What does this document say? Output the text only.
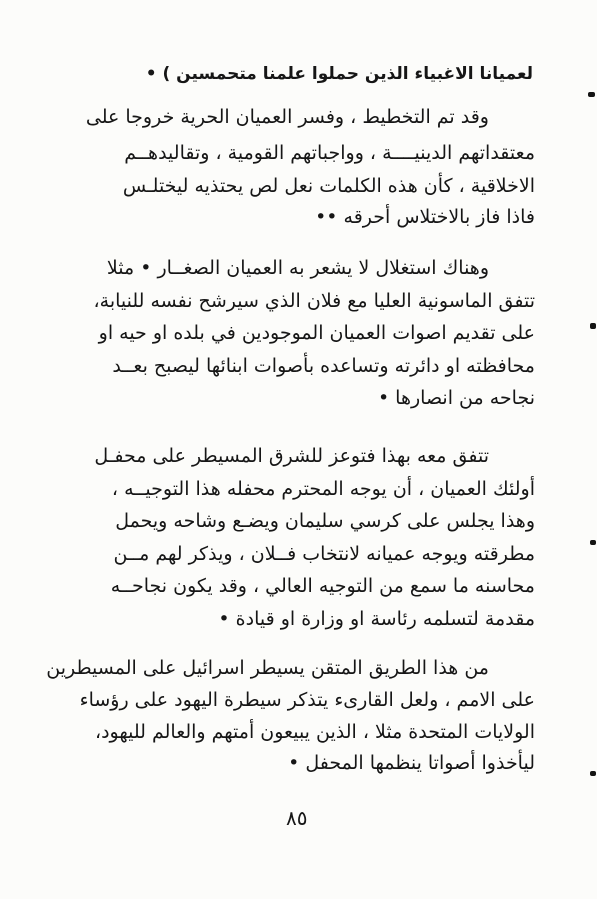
لعميانا الاغبياء الذين حملوا علمنا متحمسين ) •
وقد تم التخطيط ، وفسر العميان الحرية خروجا على
معتقداتهم الدينيــــة ، وواجباتهم القومية ، وتقاليدهــم
الاخلاقية ، كأن هذه الكلمات نعل لص يحتذيه ليختلـس
فاذا فاز بالاختلاس أحرقه ••
وهناك استغلال لا يشعر به العميان الصغــار • مثلا
تتفق الماسونية العليا مع فلان الذي سيرشح نفسه للنيابة،
على تقديم اصوات العميان الموجودين في بلده او حيه او
محافظته او دائرته وتساعده بأصوات ابنائها ليصبح بعــد
نجاحه من انصارها •
تتفق معه بهذا فتوعز للشرق المسيطر على محفـل
أولئك العميان ، أن يوجه المحترم محفله هذا التوجيــه ،
وهذا يجلس على كرسي سليمان ويضـع وشاحه ويحمل
مطرقته ويوجه عميانه لانتخاب فــلان ، ويذكر لهم مــن
محاسنه ما سمع من التوجيه العالي ، وقد يكون نجاحــه
مقدمة لتسلمه رئاسة او وزارة او قيادة •
من هذا الطريق المتقن يسيطر اسرائيل على المسيطرين
على الامم ، ولعل القارىء يتذكر سيطرة اليهود على رؤساء
الولايات المتحدة مثلا ، الذين يبيعون أمتهم والعالم لليهود،
ليأخذوا أصواتا ينظمها المحفل •
٨٥
